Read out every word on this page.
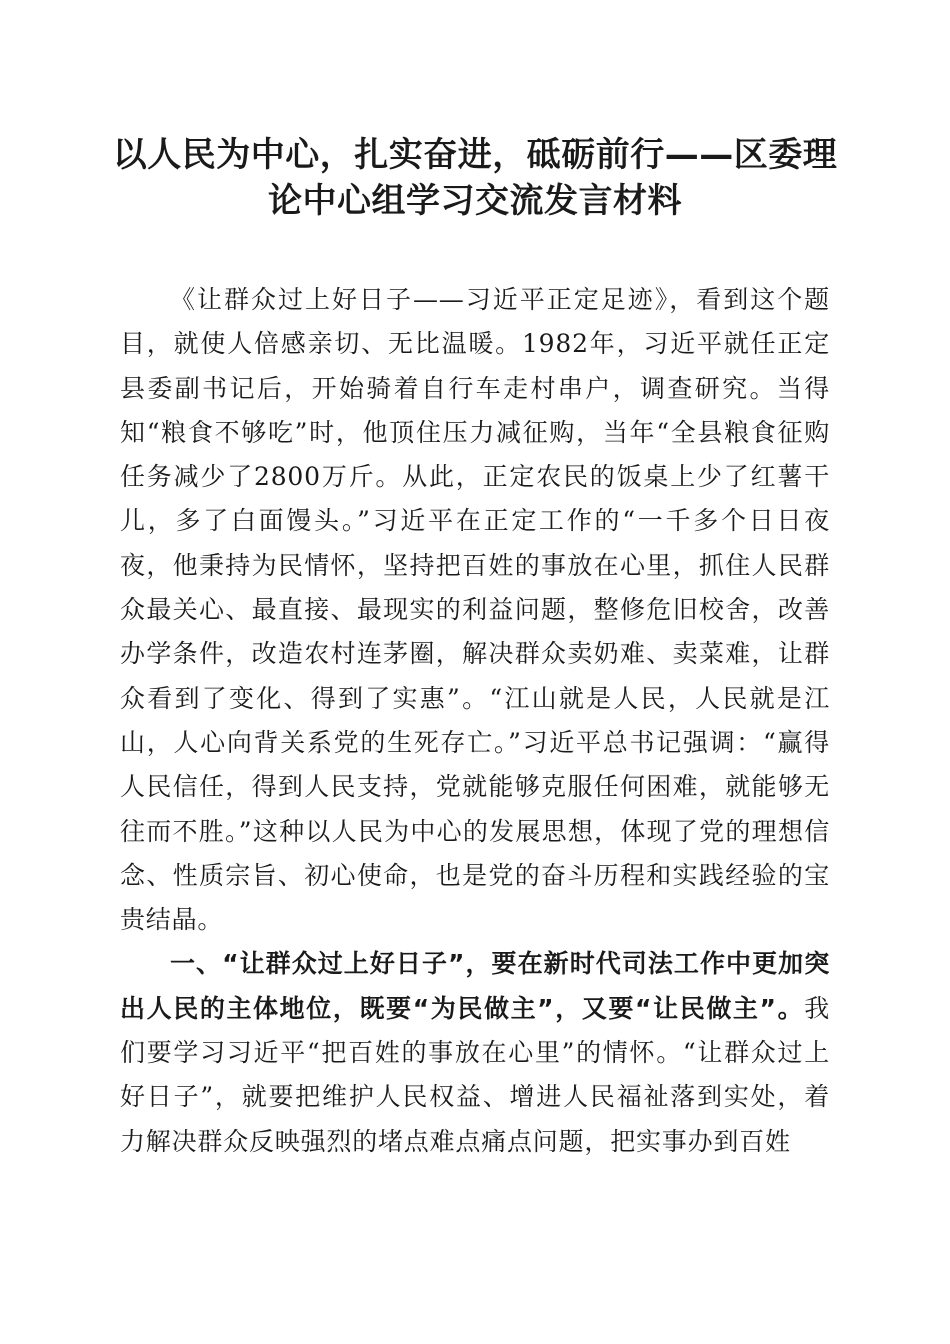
以人民为中心，扎实奋进，砥砺前行——区委理论中心组学习交流发言材料

《让群众过上好日子——习近平正定足迹》，看到这个题目，就使人倍感亲切、无比温暖。1982年，习近平就任正定县委副书记后，开始骑着自行车走村串户，调查研究。当得知“粮食不够吃”时，他顶住压力减征购，当年“全县粮食征购任务减少了2800万斤。从此，正定农民的饭桌上少了红薯干儿，多了白面馒头。”习近平在正定工作的“一千多个日日夜夜，他秉持为民情怀，坚持把百姓的事放在心里，抓住人民群众最关心、最直接、最现实的利益问题，整修危旧校舍，改善办学条件，改造农村连茅圈，解决群众卖奶难、卖菜难，让群众看到了变化、得到了实惠”。“江山就是人民，人民就是江山，人心向背关系党的生死存亡。”习近平总书记强调：“赢得人民信任，得到人民支持，党就能够克服任何困难，就能够无往而不胜。”这种以人民为中心的发展思想，体现了党的理想信念、性质宗旨、初心使命，也是党的奋斗历程和实践经验的宝贵结晶。

一、“让群众过上好日子”，要在新时代司法工作中更加突出人民的主体地位，既要“为民做主”，又要“让民做主”。我们要学习习近平“把百姓的事放在心里”的情怀。“让群众过上好日子”，就要把维护人民权益、增进人民福祉落到实处，着力解决群众反映强烈的堵点难点痛点问题，把实事办到百姓
